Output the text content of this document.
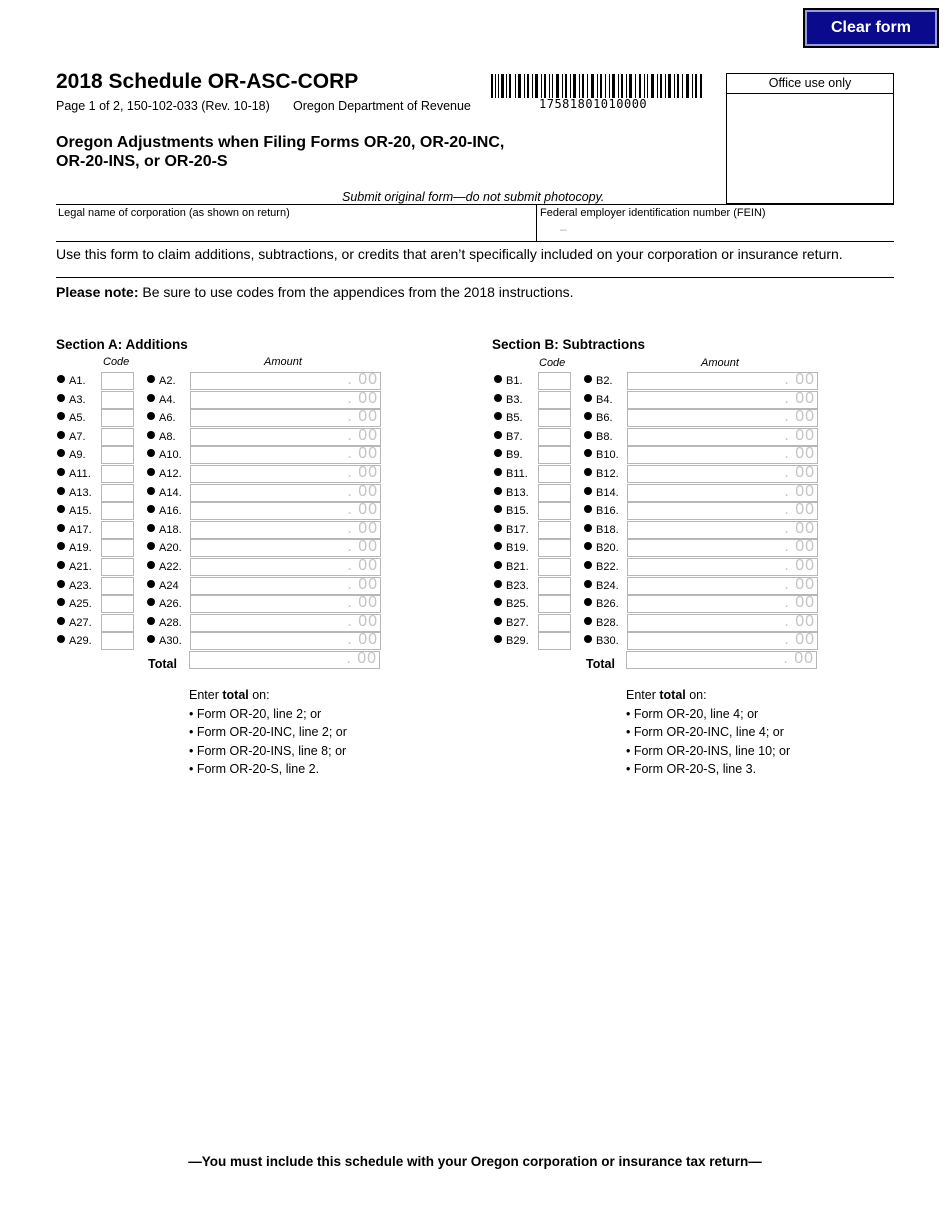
Clear form
2018 Schedule OR-ASC-CORP
Page 1 of 2, 150-102-033 (Rev. 10-18) Oregon Department of Revenue	17581801010000
Office use only
Oregon Adjustments when Filing Forms OR-20, OR-20-INC,
OR-20-INS, or OR-20-S
Submit original form—do not submit photocopy.
Legal name of corporation (as shown on return)	Federal employer identification number (FEIN)
–
Use this form to claim additions, subtractions, or credits that aren’t specifically included on your corporation or insurance return.
Please note: Be sure to use codes from the appendices from the 2018 instructions.
Section A: Additions
Code	Amount
A1.	A2.	. 00
A3.	A4.	. 00
A5.	A6.	. 00
A7.	A8.	. 00
A9.	A10.	. 00
A11.	A12.	. 00
A13.	A14.	. 00
A15.	A16.	. 00
A17.	A18.	. 00
A19.	A20.	. 00
A21.	A22.	. 00
A23.	A24	. 00
A25.	A26.	. 00
A27.	A28.	. 00
A29.	A30.	. 00
Total	. 00
Enter total on:
• Form OR-20, line 2; or
• Form OR-20-INC, line 2; or
• Form OR-20-INS, line 8; or
• Form OR-20-S, line 2.
Section B: Subtractions
Code	Amount
B1.	B2.	. 00
B3.	B4.	. 00
B5.	B6.	. 00
B7.	B8.	. 00
B9.	B10.	. 00
B11.	B12.	. 00
B13.	B14.	. 00
B15.	B16.	. 00
B17.	B18.	. 00
B19.	B20.	. 00
B21.	B22.	. 00
B23.	B24.	. 00
B25.	B26.	. 00
B27.	B28.	. 00
B29.	B30.	. 00
Total	. 00
Enter total on:
• Form OR-20, line 4; or
• Form OR-20-INC, line 4; or
• Form OR-20-INS, line 10; or
• Form OR-20-S, line 3.
—You must include this schedule with your Oregon corporation or insurance tax return—
